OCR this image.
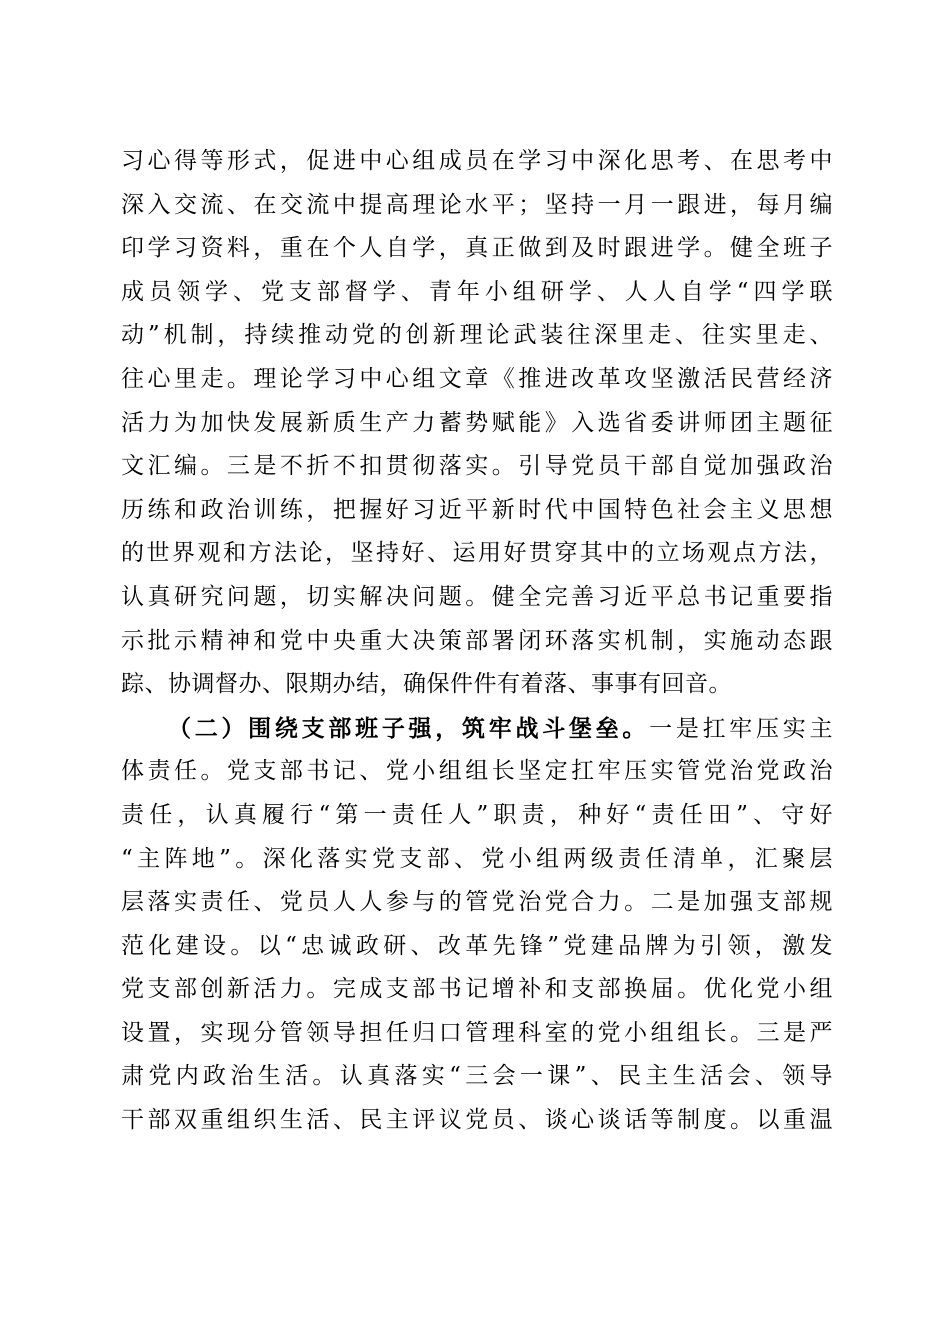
习心得等形式，促进中心组成员在学习中深化思考、在思考中
深入交流、在交流中提高理论水平；坚持一月一跟进，每月编
印学习资料，重在个人自学，真正做到及时跟进学。健全班子
成员领学、党支部督学、青年小组研学、人人自学“四学联
动”机制，持续推动党的创新理论武装往深里走、往实里走、
往心里走。理论学习中心组文章《推进改革攻坚激活民营经济
活力为加快发展新质生产力蓄势赋能》入选省委讲师团主题征
文汇编。三是不折不扣贯彻落实。引导党员干部自觉加强政治
历练和政治训练，把握好习近平新时代中国特色社会主义思想
的世界观和方法论，坚持好、运用好贯穿其中的立场观点方法，
认真研究问题，切实解决问题。健全完善习近平总书记重要指
示批示精神和党中央重大决策部署闭环落实机制，实施动态跟
踪、协调督办、限期办结，确保件件有着落、事事有回音。
（二）围绕支部班子强，筑牢战斗堡垒。一是扛牢压实主
体责任。党支部书记、党小组组长坚定扛牢压实管党治党政治
责任，认真履行“第一责任人”职责，种好“责任田”、守好
“主阵地”。深化落实党支部、党小组两级责任清单，汇聚层
层落实责任、党员人人参与的管党治党合力。二是加强支部规
范化建设。以“忠诚政研、改革先锋”党建品牌为引领，激发
党支部创新活力。完成支部书记增补和支部换届。优化党小组
设置，实现分管领导担任归口管理科室的党小组组长。三是严
肃党内政治生活。认真落实“三会一课”、民主生活会、领导
干部双重组织生活、民主评议党员、谈心谈话等制度。以重温
